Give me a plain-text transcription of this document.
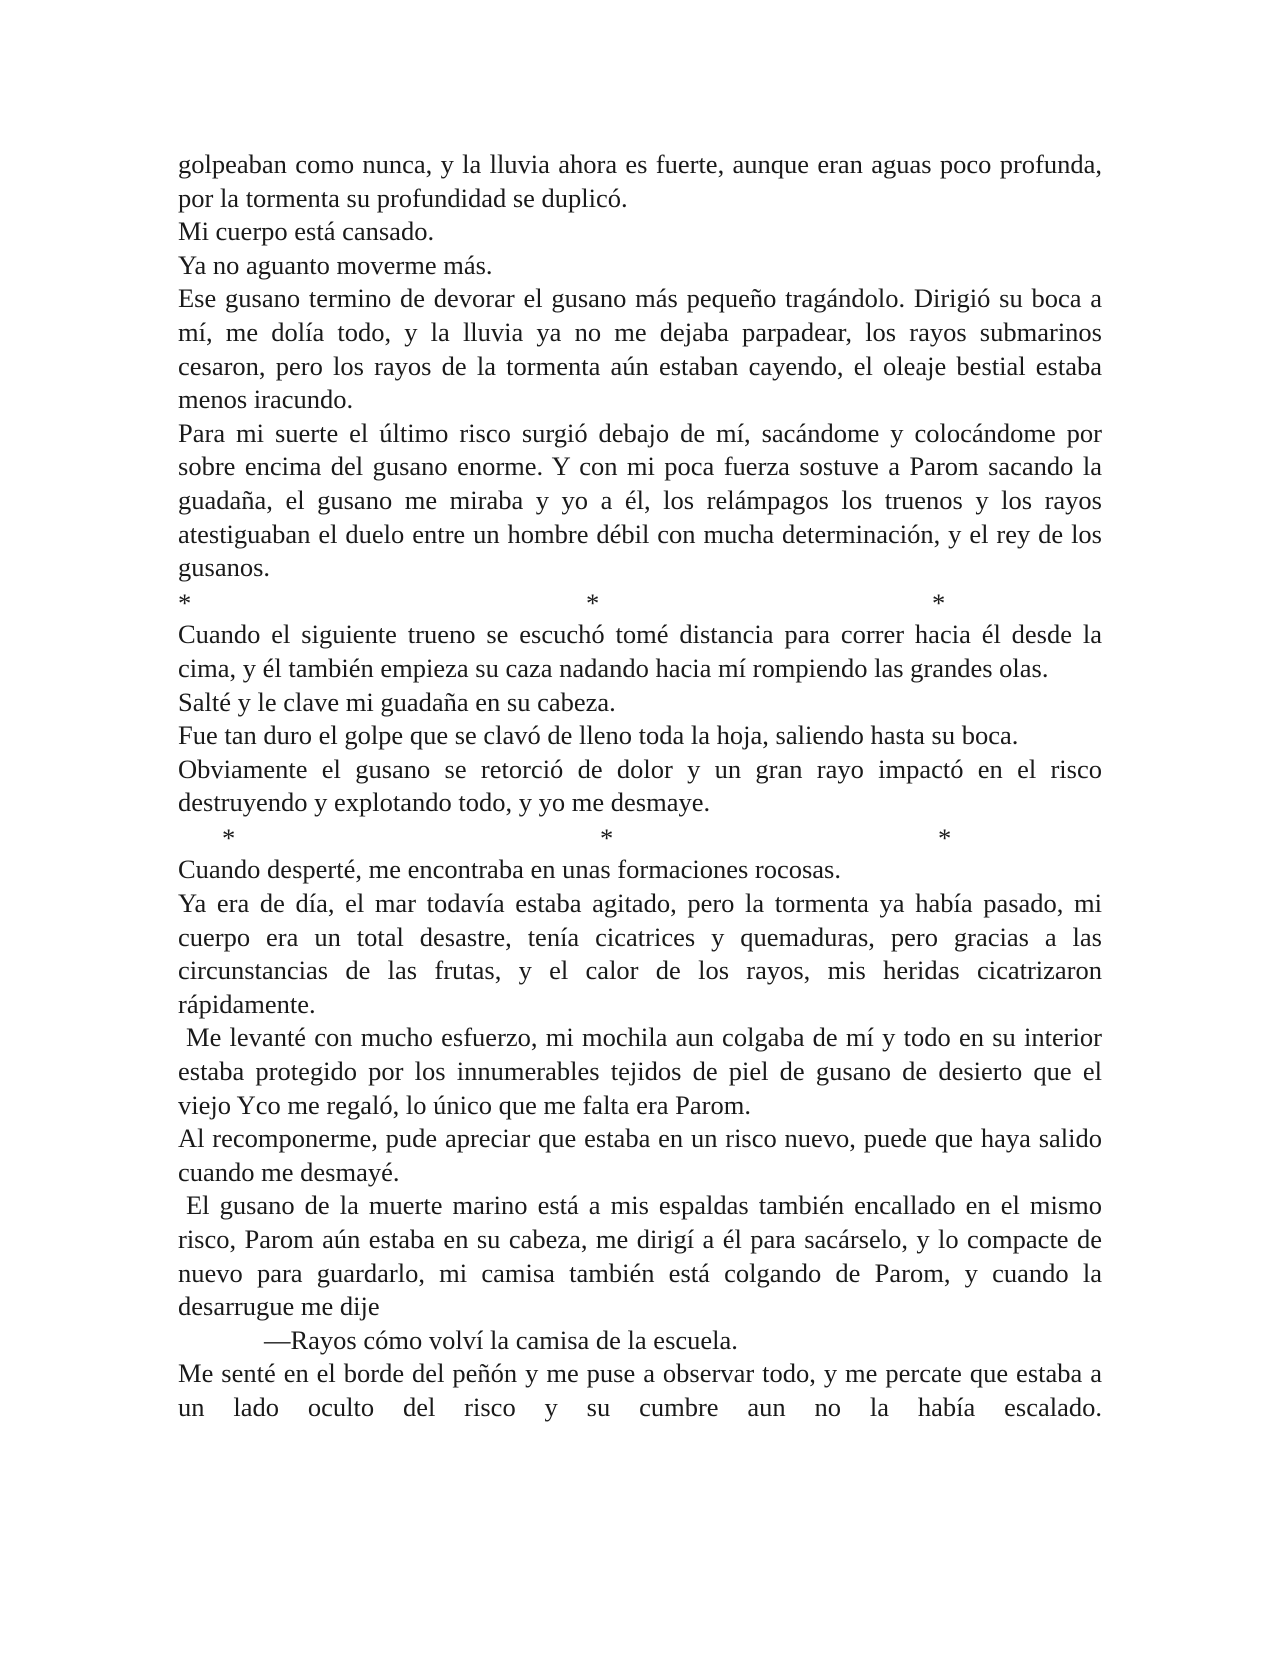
golpeaban como nunca, y la lluvia ahora es fuerte, aunque eran aguas poco profunda, por la tormenta su profundidad se duplicó.

Mi cuerpo está cansado.

Ya no aguanto moverme más.

Ese gusano termino de devorar el gusano más pequeño tragándolo. Dirigió su boca a mí, me dolía todo, y la lluvia ya no me dejaba parpadear, los rayos submarinos cesaron, pero los rayos de la tormenta aún estaban cayendo, el oleaje bestial estaba menos iracundo.

Para mi suerte el último risco surgió debajo de mí, sacándome y colocándome por sobre encima del gusano enorme. Y con mi poca fuerza sostuve a Parom sacando la guadaña, el gusano me miraba y yo a él, los relámpagos los truenos y los rayos atestiguaban el duelo entre un hombre débil con mucha determinación, y el rey de los gusanos.

*	*	*

Cuando el siguiente trueno se escuchó tomé distancia para correr hacia él desde la cima, y él también empieza su caza nadando hacia mí rompiendo las grandes olas.

Salté y le clave mi guadaña en su cabeza.

Fue tan duro el golpe que se clavó de lleno toda la hoja, saliendo hasta su boca.

Obviamente el gusano se retorció de dolor y un gran rayo impactó en el risco destruyendo y explotando todo, y yo me desmaye.

*	*	*

Cuando desperté, me encontraba en unas formaciones rocosas.

Ya era de día, el mar todavía estaba agitado, pero la tormenta ya había pasado, mi cuerpo era un total desastre, tenía cicatrices y quemaduras, pero gracias a las circunstancias de las frutas, y el calor de los rayos, mis heridas cicatrizaron rápidamente.

Me levanté con mucho esfuerzo, mi mochila aun colgaba de mí y todo en su interior estaba protegido por los innumerables tejidos de piel de gusano de desierto que el viejo Yco me regaló, lo único que me falta era Parom.

Al recomponerme, pude apreciar que estaba en un risco nuevo, puede que haya salido cuando me desmayé.

El gusano de la muerte marino está a mis espaldas también encallado en el mismo risco, Parom aún estaba en su cabeza, me dirigí a él para sacárselo, y lo compacte de nuevo para guardarlo, mi camisa también está colgando de Parom, y cuando la desarrugue me dije

—Rayos cómo volví la camisa de la escuela.

Me senté en el borde del peñón y me puse a observar todo, y me percate que estaba a un lado oculto del risco y su cumbre aun no la había escalado.
